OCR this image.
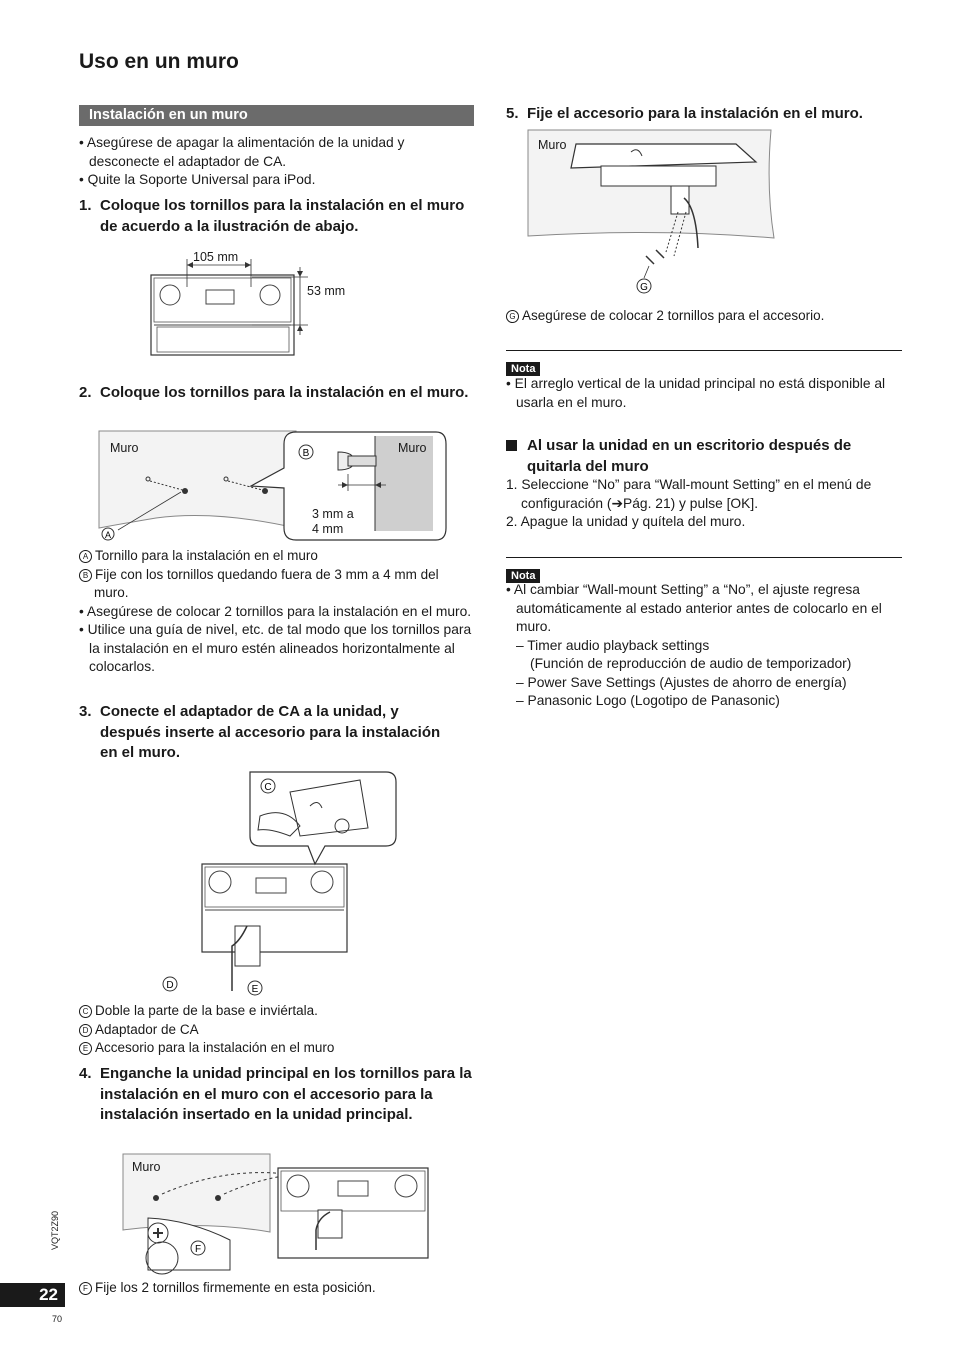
Uso en un muro
Instalación en un muro
• Asegúrese de apagar la alimentación de la unidad y desconecte el adaptador de CA.
• Quite la Soporte Universal para iPod.
1. Coloque los tornillos para la instalación en el muro de acuerdo a la ilustración de abajo.
105 mm
53 mm
2. Coloque los tornillos para la instalación en el muro.
Muro
A
Muro
B
3 mm a
4 mm
A Tornillo para la instalación en el muro
B Fije con los tornillos quedando fuera de 3 mm a 4 mm del muro.
• Asegúrese de colocar 2 tornillos para la instalación en el muro.
• Utilice una guía de nivel, etc. de tal modo que los tornillos para la instalación en el muro estén alineados horizontalmente al colocarlos.
3. Conecte el adaptador de CA a la unidad, y después inserte al accesorio para la instalación en el muro.
C
D	E
C Doble la parte de la base e inviértala.
D Adaptador de CA
E Accesorio para la instalación en el muro
4. Enganche la unidad principal en los tornillos para la instalación en el muro con el accesorio para la instalación insertado en la unidad principal.
Muro
F
F Fije los 2 tornillos firmemente en esta posición.
5. Fije el accesorio para la instalación en el muro.
Muro
G
G Asegúrese de colocar 2 tornillos para el accesorio.
Nota
• El arreglo vertical de la unidad principal no está disponible al usarla en el muro.
Al usar la unidad en un escritorio después de quitarla del muro
1. Seleccione “No” para “Wall-mount Setting” en el menú de configuración (➔Pág. 21) y pulse [OK].
2. Apague la unidad y quítela del muro.
Nota
• Al cambiar “Wall-mount Setting” a “No”, el ajuste regresa automáticamente al estado anterior antes de colocarlo en el muro.
– Timer audio playback settings
(Función de reproducción de audio de temporizador)
– Power Save Settings (Ajustes de ahorro de energía)
– Panasonic Logo (Logotipo de Panasonic)
VQT2Z90
22
70
